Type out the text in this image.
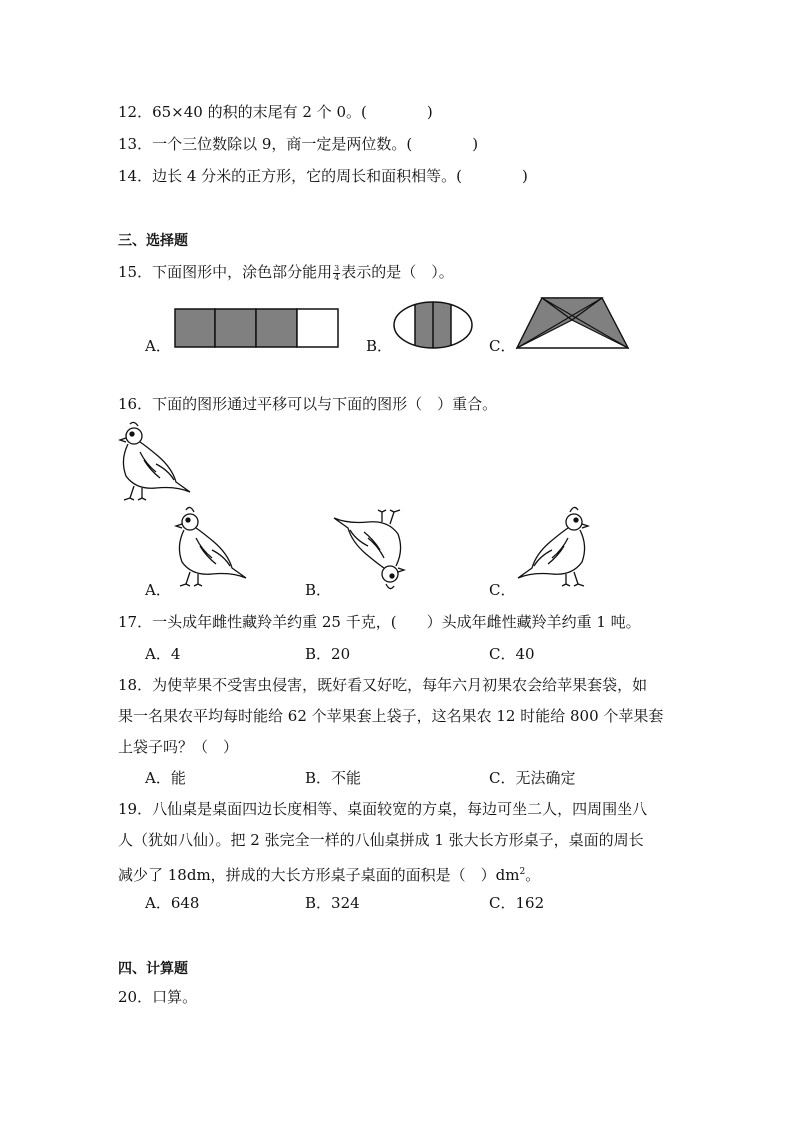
12．65×40 的积的末尾有 2 个 0。(　　　　)
13．一个三位数除以 9，商一定是两位数。(　　　　)
14．边长 4 分米的正方形，它的周长和面积相等。(　　　　)
三、选择题
15．下面图形中，涂色部分能用 $\frac{3}{4}$ 表示的是（　）。
A．	B．	C．
16．下面的图形通过平移可以与下面的图形（　）重合。
A．	B．	C．
17．一头成年雌性藏羚羊约重 25 千克，(　　）头成年雌性藏羚羊约重 1 吨。
A．4	B．20	C．40
18．为使苹果不受害虫侵害，既好看又好吃，每年六月初果农会给苹果套袋，如
果一名果农平均每时能给 62 个苹果套上袋子，这名果农 12 时能给 800 个苹果套
上袋子吗？（　）
A．能	B．不能	C．无法确定
19．八仙桌是桌面四边长度相等、桌面较宽的方桌，每边可坐二人，四周围坐八
人（犹如八仙）。把 2 张完全一样的八仙桌拼成 1 张大长方形桌子，桌面的周长
减少了 18dm，拼成的大长方形桌子桌面的面积是（　）$dm^2$。
A．648	B．324	C．162
四、计算题
20．口算。
